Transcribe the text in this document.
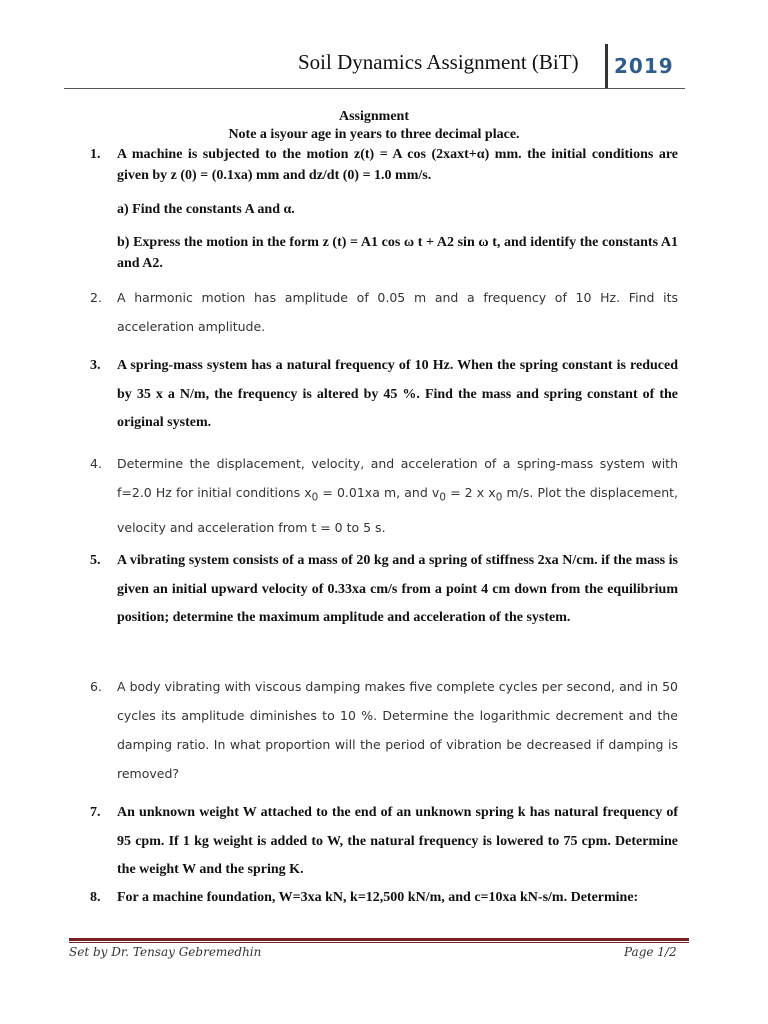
Soil Dynamics Assignment (BiT) 2019
Assignment
Note a isyour age in years to three decimal place.
1.	A machine is subjected to the motion z(t) = A cos (2xaxt+α) mm. the initial conditions are given by z (0) = (0.1xa) mm and dz/dt (0) = 1.0 mm/s.
a) Find the constants A and α.
b) Express the motion in the form z (t) = A1 cos ω t + A2 sin ω t, and identify the constants A1 and A2.
2.	A harmonic motion has amplitude of 0.05 m and a frequency of 10 Hz. Find its acceleration amplitude.
3.	A spring-mass system has a natural frequency of 10 Hz. When the spring constant is reduced by 35 x a N/m, the frequency is altered by 45 %. Find the mass and spring constant of the original system.
4.	Determine the displacement, velocity, and acceleration of a spring-mass system with f=2.0 Hz for initial conditions $x_0 = 0.01xa$ m, and $v_0 = 2$ x $x_0$ m/s. Plot the displacement, velocity and acceleration from t = 0 to 5 s.
5.	A vibrating system consists of a mass of 20 kg and a spring of stiffness 2xa N/cm. if the mass is given an initial upward velocity of 0.33xa cm/s from a point 4 cm down from the equilibrium position; determine the maximum amplitude and acceleration of the system.
6.	A body vibrating with viscous damping makes five complete cycles per second, and in 50 cycles its amplitude diminishes to 10 %. Determine the logarithmic decrement and the damping ratio. In what proportion will the period of vibration be decreased if damping is removed?
7.	An unknown weight W attached to the end of an unknown spring k has natural frequency of 95 cpm. If 1 kg weight is added to W, the natural frequency is lowered to 75 cpm. Determine the weight W and the spring K.
8.	For a machine foundation, W=3xa kN, k=12,500 kN/m, and c=10xa kN-s/m. Determine:
Set by Dr. Tensay Gebremedhin	Page 1/2
